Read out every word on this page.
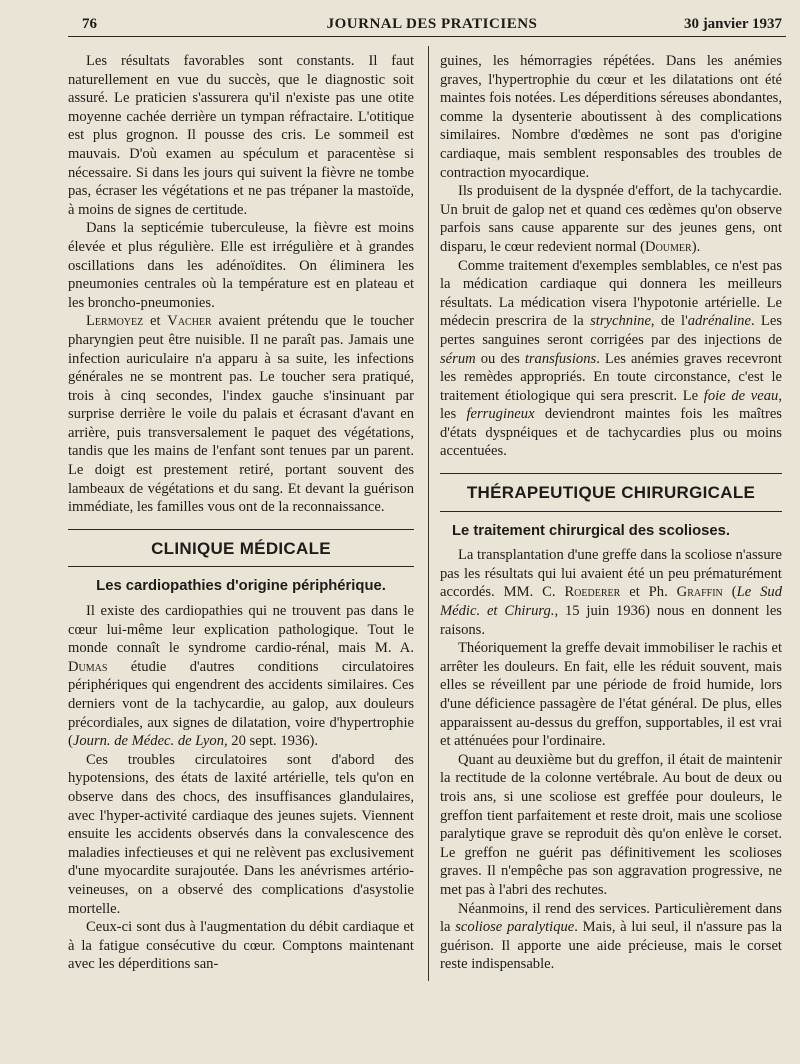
76	JOURNAL DES PRATICIENS	30 janvier 1937

Les résultats favorables sont constants. Il faut naturellement en vue du succès, que le diagnostic soit assuré. Le praticien s'assurera qu'il n'existe pas une otite moyenne cachée derrière un tympan réfractaire. L'otitique est plus grognon. Il pousse des cris. Le sommeil est mauvais. D'où examen au spéculum et paracentèse si nécessaire. Si dans les jours qui suivent la fièvre ne tombe pas, écraser les végétations et ne pas trépaner la mastoïde, à moins de signes de certitude.

Dans la septicémie tuberculeuse, la fièvre est moins élevée et plus régulière. Elle est irrégulière et à grandes oscillations dans les adénoïdites. On éliminera les pneumonies centrales où la température est en plateau et les broncho-pneumonies.

Lermoyez et Vacher avaient prétendu que le toucher pharyngien peut être nuisible. Il ne paraît pas. Jamais une infection auriculaire n'a apparu à sa suite, les infections générales ne se montrent pas. Le toucher sera pratiqué, trois à cinq secondes, l'index gauche s'insinuant par surprise derrière le voile du palais et écrasant d'avant en arrière, puis transversalement le paquet des végétations, tandis que les mains de l'enfant sont tenues par un parent. Le doigt est prestement retiré, portant souvent des lambeaux de végétations et du sang. Et devant la guérison immédiate, les familles vous ont de la reconnaissance.

CLINIQUE MÉDICALE
Les cardiopathies d'origine périphérique.

Il existe des cardiopathies qui ne trouvent pas dans le cœur lui-même leur explication pathologique. Tout le monde connaît le syndrome cardio-rénal, mais M. A. Dumas étudie d'autres conditions circulatoires périphériques qui engendrent des accidents similaires. Ces derniers vont de la tachycardie, au galop, aux douleurs précordiales, aux signes de dilatation, voire d'hypertrophie (Journ. de Médec. de Lyon, 20 sept. 1936).

Ces troubles circulatoires sont d'abord des hypotensions, des états de laxité artérielle, tels qu'on en observe dans des chocs, des insuffisances glandulaires, avec l'hyper-activité cardiaque des jeunes sujets. Viennent ensuite les accidents observés dans la convalescence des maladies infectieuses et qui ne relèvent pas exclusivement d'une myocardite surajoutée. Dans les anévrismes artério-veineuses, on a observé des complications d'asystolie mortelle.

Ceux-ci sont dus à l'augmentation du débit cardiaque et à la fatigue consécutive du cœur. Comptons maintenant avec les déperditions san-

guines, les hémorragies répétées. Dans les anémies graves, l'hypertrophie du cœur et les dilatations ont été maintes fois notées. Les déperditions séreuses abondantes, comme la dysenterie aboutissent à des complications similaires. Nombre d'œdèmes ne sont pas d'origine cardiaque, mais semblent responsables des troubles de contraction myocardique.

Ils produisent de la dyspnée d'effort, de la tachycardie. Un bruit de galop net et quand ces œdèmes qu'on observe parfois sans cause apparente sur des jeunes gens, ont disparu, le cœur redevient normal (Doumer).

Comme traitement d'exemples semblables, ce n'est pas la médication cardiaque qui donnera les meilleurs résultats. La médication visera l'hypotonie artérielle. Le médecin prescrira de la strychnine, de l'adrénaline. Les pertes sanguines seront corrigées par des injections de sérum ou des transfusions. Les anémies graves recevront les remèdes appropriés. En toute circonstance, c'est le traitement étiologique qui sera prescrit. Le foie de veau, les ferrugineux deviendront maintes fois les maîtres d'états dyspnéiques et de tachycardies plus ou moins accentuées.

THÉRAPEUTIQUE CHIRURGICALE
Le traitement chirurgical des scolioses.

La transplantation d'une greffe dans la scoliose n'assure pas les résultats qui lui avaient été un peu prématurément accordés. MM. C. Roederer et Ph. Graffin (Le Sud Médic. et Chirurg., 15 juin 1936) nous en donnent les raisons.

Théoriquement la greffe devait immobiliser le rachis et arrêter les douleurs. En fait, elle les réduit souvent, mais elles se réveillent par une période de froid humide, lors d'une déficience passagère de l'état général. De plus, elles apparaissent au-dessus du greffon, supportables, il est vrai et atténuées pour l'ordinaire.

Quant au deuxième but du greffon, il était de maintenir la rectitude de la colonne vertébrale. Au bout de deux ou trois ans, si une scoliose est greffée pour douleurs, le greffon tient parfaitement et reste droit, mais une scoliose paralytique grave se reproduit dès qu'on enlève le corset. Le greffon ne guérit pas définitivement les scolioses graves. Il n'empêche pas son aggravation progressive, ne met pas à l'abri des rechutes.

Néanmoins, il rend des services. Particulièrement dans la scoliose paralytique. Mais, à lui seul, il n'assure pas la guérison. Il apporte une aide précieuse, mais le corset reste indispensable.
